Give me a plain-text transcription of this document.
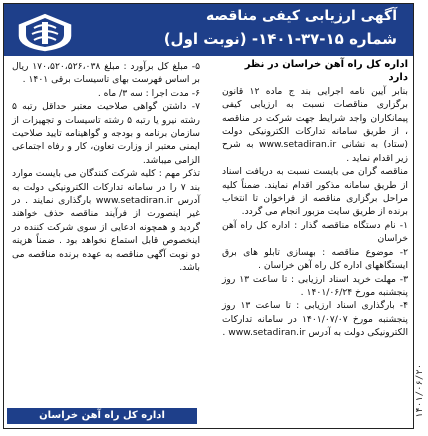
آگهی ارزیابی کیفی مناقصه
شماره ۱۵-۳۷-۱۴۰۱- (نوبت اول)

اداره کل راه آهن خراسان در نظر دارد

بنابر آیین نامه اجرایی بند ج ماده ۱۲ قانون برگزاری مناقصات نسبت به ارزیابی کیفی پیمانکاران واجد شرایط جهت شرکت در مناقصه ، از طریق سامانه تدارکات الکترونیکی دولت (ستاد) به نشانی www.setadiran.ir به شرح زیر اقدام نماید .

مناقصه گران می بایست نسبت به دریافت اسناد از طریق سامانه مذکور اقدام نمایند. ضمناً کلیه مراحل برگزاری مناقصه از فراخوان تا انتخاب برنده از طریق سایت مزبور انجام می گردد.

۱- نام دستگاه مناقصه گذار : اداره کل راه آهن خراسان

۲- موضوع مناقصه : بهسازی تابلو های برق ایستگاههای اداره کل راه آهن خراسان .

۳- مهلت خرید اسناد ارزیابی : تا ساعت ۱۳ روز پنجشنبه مورخ ۱۴۰۱/۰۶/۲۴ .

۴- بارگذاری اسناد ارزیابی : تا ساعت ۱۳ روز پنجشنبه مورخ ۱۴۰۱/۰۷/۰۷ در سامانه تدارکات الکترونیکی دولت به آدرس www.setadiran.ir .

۵- مبلغ کل برآورد : مبلغ ۱۷۰،۵۲۰،۵۲۶،۰۳۸ ریال بر اساس فهرست بهای تاسیسات برقی ۱۴۰۱ .

۶- مدت اجرا : سه ۳/ ماه .

۷- داشتن گواهی صلاحیت معتبر حداقل رتبه ۵ رشته نیرو یا رتبه ۵ رشته تاسیسات و تجهیزات از سازمان برنامه و بودجه و گواهینامه تایید صلاحیت ایمنی معتبر از وزارت تعاون، کار و رفاه اجتماعی الزامی میباشد.

تذکر مهم : کلیه شرکت کنندگان می بایست موارد بند ۷ را در سامانه تدارکات الکترونیکی دولت به آدرس www.setadiran.ir بارگذاری نمایند . در غیر اینصورت از فرآیند مناقصه حذف خواهند گردید و همچونه ادعایی از سوی شرکت کننده در اینخصوص قابل استماع نخواهد بود . ضمناً هزینه دو نوبت آگهی مناقصه به عهده برنده مناقصه می باشد.

اداره کل راه آهن خراسان	۱۴۰۱/۰۶/۲۰
